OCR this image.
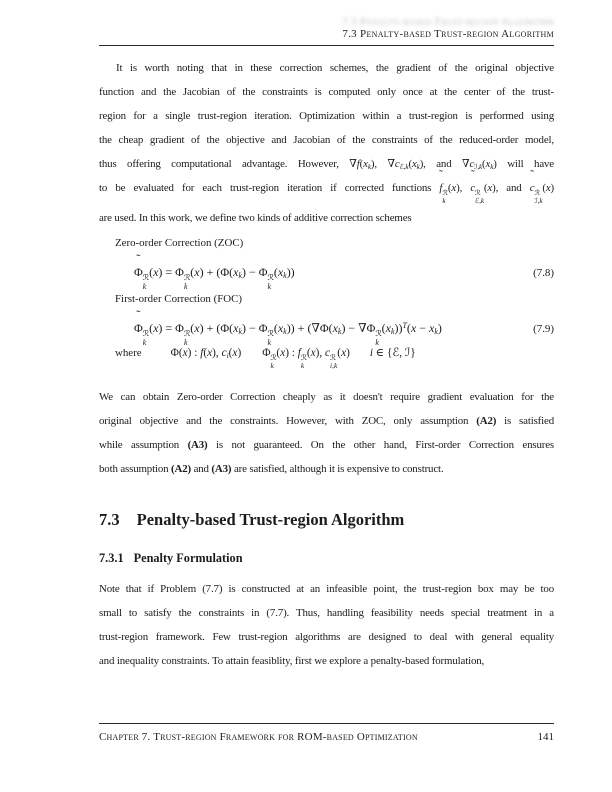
7.3 Penalty-based Trust-region Algorithm
7.3 Penalty-based Trust-region Algorithm
It is worth noting that in these correction schemes, the gradient of the original objective
function and the Jacobian of the constraints is computed only once at the center of the trust-
region for a single trust-region iteration. Optimization within a trust-region is performed using
the cheap gradient of the objective and Jacobian of the constraints of the reduced-order model,
thus offering computational advantage. However, $\nabla f(x_k)$, $\nabla c_{ℰ,k}(x_k)$, and $\nabla c_{ℐ,k}(x_k)$ will have
to be evaluated for each trust-region iteration if corrected functions
˜
f ℛ
k
(x),
˜
c ℛ
ℰ,k
(x), and
˜
c ℛ
ℐ,k
(x)
are used. In this work, we define two kinds of additive correction schemes
Zero-order Correction (ZOC)
˜
Φ ℛ
k
(x) = Φ ℛ
k
$(x) + (\Phi(x_k) - \Phi$ ℛ
k
$(x_k)$)	(7.8)
First-order Correction (FOC)
˜
Φ ℛ
k
(x) = Φ ℛ
k
$(x) + (\Phi(x_k) - \Phi$ ℛ
k
$(x_k)) + (\nabla\Phi(x_k) - \nabla\Phi$ ℛ
k
$(x_k))^T(x - x_k)$	(7.9)
where	Φ(x) : f(x), $c_i(x)$ Φ ℛ
k
(x) : f ℛ
k
(x), c ℛ
i,k
(x) i ∈ {ℰ, ℐ}
We can obtain Zero-order Correction cheaply as it doesn't require gradient evaluation for the
original objective and the constraints. However, with ZOC, only assumption (A2) is satisfied
while assumption (A3) is not guaranteed. On the other hand, First-order Correction ensures
both assumption (A2) and (A3) are satisfied, although it is expensive to construct.
7.3 Penalty-based Trust-region Algorithm
7.3.1 Penalty Formulation
Note that if Problem (7.7) is constructed at an infeasible point, the trust-region box may be too
small to satisfy the constraints in (7.7). Thus, handling feasibility needs special treatment in a
trust-region framework. Few trust-region algorithms are designed to deal with general equality
and inequality constraints. To attain feasiblity, first we explore a penalty-based formulation,
Chapter 7. Trust-region Framework for ROM-based Optimization	141
